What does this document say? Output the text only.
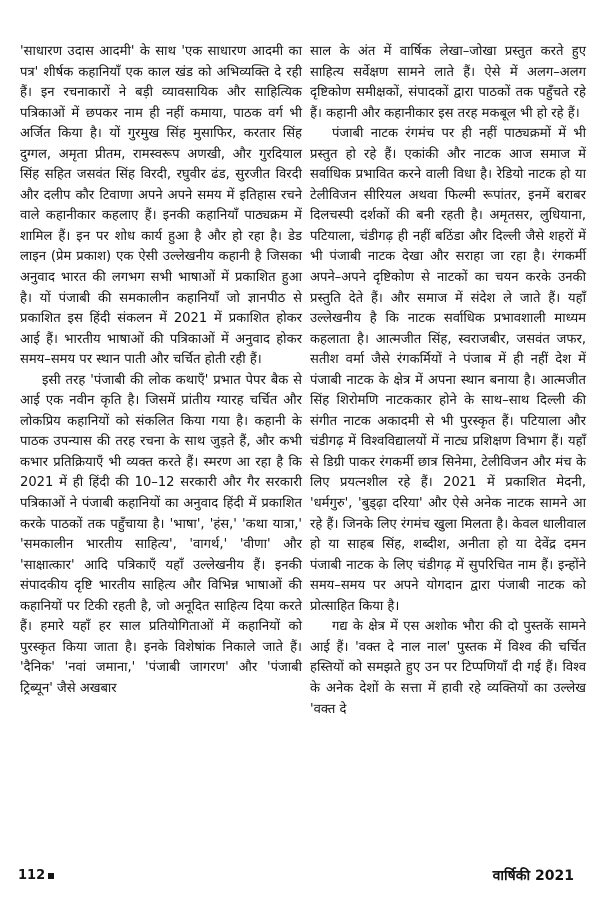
'साधारण उदास आदमी' के साथ 'एक साधारण आदमी का पत्र' शीर्षक कहानियाँ एक काल खंड को अभिव्यक्ति दे रही हैं। इन रचनाकारों ने बड़ी व्यावसायिक और साहित्यिक पत्रिकाओं में छपकर नाम ही नहीं कमाया, पाठक वर्ग भी अर्जित किया है। यों गुरमुख सिंह मुसाफिर, करतार सिंह दुग्गल, अमृता प्रीतम, रामस्वरूप अणखी, और गुरदियाल सिंह सहित जसवंत सिंह विरदी, रघुवीर ढंड, सुरजीत विरदी और दलीप कौर टिवाणा अपने अपने समय में इतिहास रचने वाले कहानीकार कहलाए हैं। इनकी कहानियाँ पाठ्यक्रम में शामिल हैं। इन पर शोध कार्य हुआ है और हो रहा है। डेड लाइन (प्रेम प्रकाश) एक ऐसी उल्लेखनीय कहानी है जिसका अनुवाद भारत की लगभग सभी भाषाओं में प्रकाशित हुआ है। यों पंजाबी की समकालीन कहानियाँ जो ज्ञानपीठ से प्रकाशित इस हिंदी संकलन में 2021 में प्रकाशित होकर आई हैं। भारतीय भाषाओं की पत्रिकाओं में अनुवाद होकर समय–समय पर स्थान पाती और चर्चित होती रही हैं।

इसी तरह 'पंजाबी की लोक कथाएँ' प्रभात पेपर बैक से आई एक नवीन कृति है। जिसमें प्रांतीय ग्यारह चर्चित और लोकप्रिय कहानियों को संकलित किया गया है। कहानी के पाठक उपन्यास की तरह रचना के साथ जुड़ते हैं, और कभी कभार प्रतिक्रियाएँ भी व्यक्त करते हैं। स्मरण आ रहा है कि 2021 में ही हिंदी की 10–12 सरकारी और गैर सरकारी पत्रिकाओं ने पंजाबी कहानियों का अनुवाद हिंदी में प्रकाशित करके पाठकों तक पहुँचाया है। 'भाषा', 'हंस,' 'कथा यात्रा,' 'समकालीन भारतीय साहित्य', 'वागर्थ,' 'वीणा' और 'साक्षात्कार' आदि पत्रिकाएँ यहाँ उल्लेखनीय हैं। इनकी संपादकीय दृष्टि भारतीय साहित्य और विभिन्न भाषाओं की कहानियों पर टिकी रहती है, जो अनूदित साहित्य दिया करते हैं। हमारे यहाँ हर साल प्रतियोगिताओं में कहानियों को पुरस्कृत किया जाता है। इनके विशेषांक निकाले जाते हैं। 'दैनिक' 'नवां जमाना,' 'पंजाबी जागरण' और 'पंजाबी ट्रिब्यून' जैसे अखबार

साल के अंत में वार्षिक लेखा–जोखा प्रस्तुत करते हुए साहित्य सर्वेक्षण सामने लाते हैं। ऐसे में अलग–अलग दृष्टिकोण समीक्षकों, संपादकों द्वारा पाठकों तक पहुँचते रहे हैं। कहानी और कहानीकार इस तरह मकबूल भी हो रहे हैं।

पंजाबी नाटक रंगमंच पर ही नहीं पाठ्यक्रमों में भी प्रस्तुत हो रहे हैं। एकांकी और नाटक आज समाज में सर्वाधिक प्रभावित करने वाली विधा है। रेडियो नाटक हो या टेलीविजन सीरियल अथवा फिल्मी रूपांतर, इनमें बराबर दिलचस्पी दर्शकों की बनी रहती है। अमृतसर, लुधियाना, पटियाला, चंडीगढ़ ही नहीं बठिंडा और दिल्ली जैसे शहरों में भी पंजाबी नाटक देखा और सराहा जा रहा है। रंगकर्मी अपने–अपने दृष्टिकोण से नाटकों का चयन करके उनकी प्रस्तुति देते हैं। और समाज में संदेश ले जाते हैं। यहाँ उल्लेखनीय है कि नाटक सर्वाधिक प्रभावशाली माध्यम कहलाता है। आत्मजीत सिंह, स्वराजबीर, जसवंत जफर, सतीश वर्मा जैसे रंगकर्मियों ने पंजाब में ही नहीं देश में पंजाबी नाटक के क्षेत्र में अपना स्थान बनाया है। आत्मजीत सिंह शिरोमणि नाटककार होने के साथ–साथ दिल्ली की संगीत नाटक अकादमी से भी पुरस्कृत हैं। पटियाला और चंडीगढ़ में विश्वविद्यालयों में नाट्य प्रशिक्षण विभाग हैं। यहाँ से डिग्री पाकर रंगकर्मी छात्र सिनेमा, टेलीविजन और मंच के लिए प्रयत्नशील रहे हैं। 2021 में प्रकाशित मेदनी, 'धर्मगुरु', 'बुड्ढ़ा दरिया' और ऐसे अनेक नाटक सामने आ रहे हैं। जिनके लिए रंगमंच खुला मिलता है। केवल धालीवाल हो या साहब सिंह, शब्दीश, अनीता हो या देवेंद्र दमन पंजाबी नाटक के लिए चंडीगढ़ में सुपरिचित नाम हैं। इन्होंने समय–समय पर अपने योगदान द्वारा पंजाबी नाटक को प्रोत्साहित किया है।

गद्य के क्षेत्र में एस अशोक भौरा की दो पुस्तकें सामने आई हैं। 'वक्त दे नाल नाल' पुस्तक में विश्व की चर्चित हस्तियों को समझते हुए उन पर टिप्पणियाँ दी गई हैं। विश्व के अनेक देशों के सत्ता में हावी रहे व्यक्तियों का उल्लेख 'वक्त दे

112	वार्षिकी 2021
